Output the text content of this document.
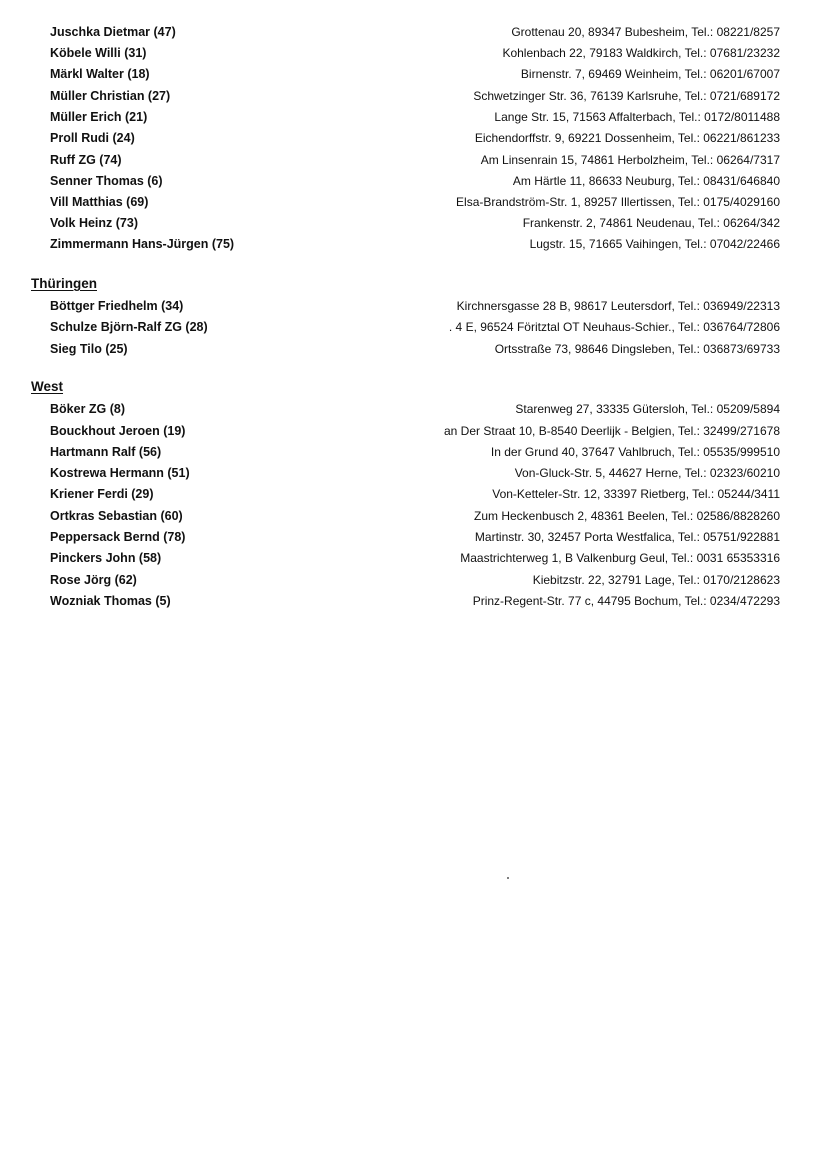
Juschka Dietmar (47)	Grottenau 20, 89347 Bubesheim, Tel.: 08221/8257
Köbele Willi (31)	Kohlenbach 22, 79183 Waldkirch, Tel.: 07681/23232
Märkl Walter (18)	Birnenstr. 7, 69469 Weinheim, Tel.: 06201/67007
Müller Christian (27)	Schwetzinger Str. 36, 76139 Karlsruhe, Tel.: 0721/689172
Müller Erich (21)	Lange Str. 15, 71563 Affalterbach, Tel.: 0172/8011488
Proll Rudi (24)	Eichendorffstr. 9, 69221 Dossenheim, Tel.: 06221/861233
Ruff ZG (74)	Am Linsenrain 15, 74861 Herbolzheim, Tel.: 06264/7317
Senner Thomas (6)	Am Härtle 11, 86633 Neuburg, Tel.: 08431/646840
Vill Matthias (69)	Elsa-Brandström-Str. 1, 89257 Illertissen, Tel.: 0175/4029160
Volk Heinz (73)	Frankenstr. 2, 74861 Neudenau, Tel.: 06264/342
Zimmermann Hans-Jürgen (75)	Lugstr. 15, 71665 Vaihingen, Tel.: 07042/22466
Thüringen
Böttger Friedhelm (34)	Kirchnersgasse 28 B, 98617 Leutersdorf, Tel.: 036949/22313
Schulze Björn-Ralf ZG (28)	. 4 E, 96524 Föritztal OT Neuhaus-Schier., Tel.: 036764/72806
Sieg Tilo (25)	Ortsstraße 73, 98646 Dingsleben, Tel.: 036873/69733
West
Böker ZG (8)	Starenweg 27, 33335 Gütersloh, Tel.: 05209/5894
Bouckhout Jeroen (19)	an Der Straat 10, B-8540 Deerlijk - Belgien, Tel.: 32499/271678
Hartmann Ralf (56)	In der Grund 40, 37647 Vahlbruch, Tel.: 05535/999510
Kostrewa Hermann (51)	Von-Gluck-Str. 5, 44627 Herne, Tel.: 02323/60210
Kriener Ferdi (29)	Von-Ketteler-Str. 12, 33397 Rietberg, Tel.: 05244/3411
Ortkras Sebastian (60)	Zum Heckenbusch 2, 48361 Beelen, Tel.: 02586/8828260
Peppersack Bernd (78)	Martinstr. 30, 32457 Porta Westfalica, Tel.: 05751/922881
Pinckers John (58)	Maastrichterweg 1, B Valkenburg Geul, Tel.: 0031 65353316
Rose Jörg (62)	Kiebitzstr. 22, 32791 Lage, Tel.: 0170/2128623
Wozniak Thomas (5)	Prinz-Regent-Str. 77 c, 44795 Bochum, Tel.: 0234/472293
